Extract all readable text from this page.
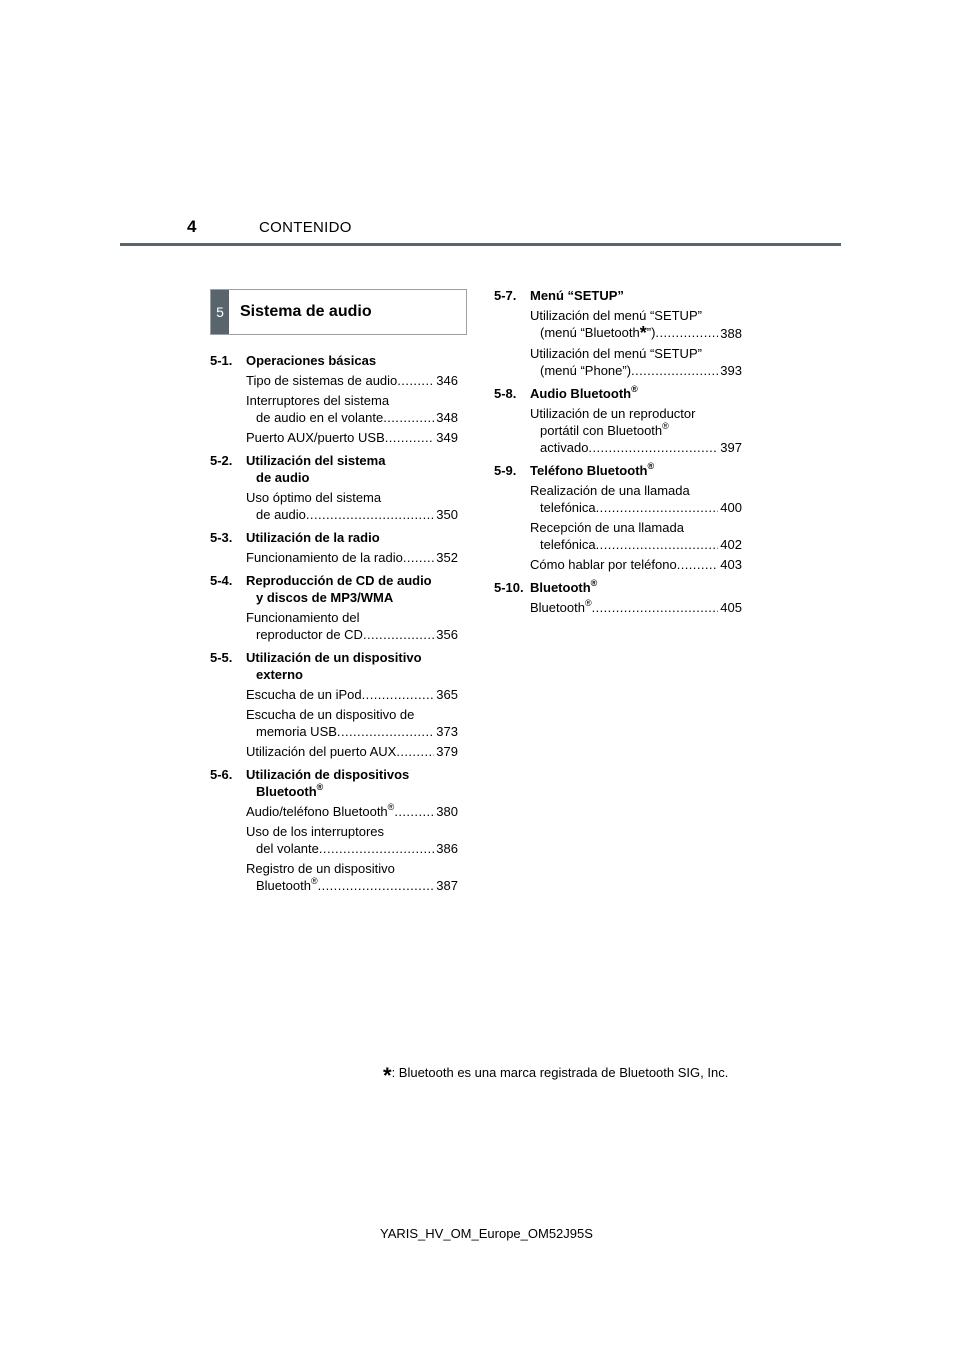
4	CONTENIDO
5	Sistema de audio
5-1.	Operaciones básicas
Tipo de sistemas de audio . . .	346
Interruptores del sistema
de audio en el volante . . .	348
Puerto AUX/puerto USB . . .	349
5-2.	Utilización del sistema
de audio
Uso óptimo del sistema
de audio . . .	350
5-3.	Utilización de la radio
Funcionamiento de la radio . . .	352
5-4.	Reproducción de CD de audio
y discos de MP3/WMA
Funcionamiento del
reproductor de CD . . .	356
5-5.	Utilización de un dispositivo
externo
Escucha de un iPod . . .	365
Escucha de un dispositivo de
memoria USB . . .	373
Utilización del puerto AUX . . .	379
5-6.	Utilización de dispositivos
Bluetooth®
Audio/teléfono Bluetooth® . . .	380
Uso de los interruptores
del volante . . .	386
Registro de un dispositivo
Bluetooth® . . .	387
5-7.	Menú “SETUP”
Utilización del menú “SETUP”
(menú “Bluetooth*”) . . .	388
Utilización del menú “SETUP”
(menú “Phone”) . . .	393
5-8.	Audio Bluetooth®
Utilización de un reproductor
portátil con Bluetooth®
activado . . .	397
5-9.	Teléfono Bluetooth®
Realización de una llamada
telefónica . . .	400
Recepción de una llamada
telefónica . . .	402
Cómo hablar por teléfono . . .	403
5-10. Bluetooth®
Bluetooth® . . .	405
*: Bluetooth es una marca registrada de Bluetooth SIG, Inc.
YARIS_HV_OM_Europe_OM52J95S
